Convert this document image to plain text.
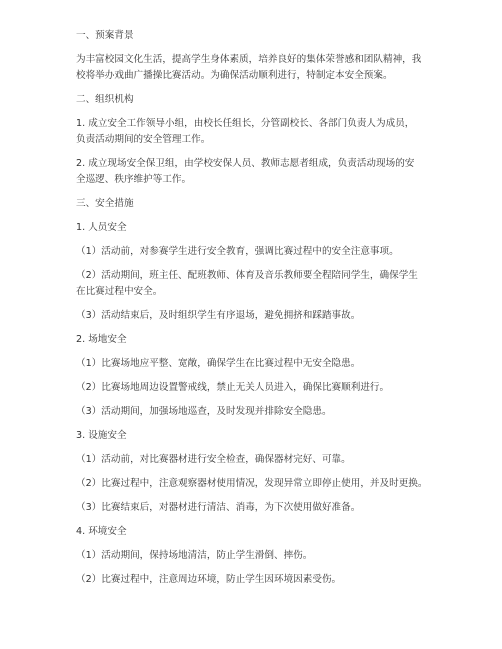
一、预案背景

为丰富校园文化生活，提高学生身体素质，培养良好的集体荣誉感和团队精神，我

校将举办戏曲广播操比赛活动。为确保活动顺利进行，特制定本安全预案。

二、组织机构

1. 成立安全工作领导小组，由校长任组长，分管副校长、各部门负责人为成员，

负责活动期间的安全管理工作。

2. 成立现场安全保卫组，由学校安保人员、教师志愿者组成，负责活动现场的安

全巡逻、秩序维护等工作。

三、安全措施

1. 人员安全

（1）活动前，对参赛学生进行安全教育，强调比赛过程中的安全注意事项。

（2）活动期间，班主任、配班教师、体育及音乐教师要全程陪同学生，确保学生

在比赛过程中安全。

（3）活动结束后，及时组织学生有序退场，避免拥挤和踩踏事故。

2. 场地安全

（1）比赛场地应平整、宽敞，确保学生在比赛过程中无安全隐患。

（2）比赛场地周边设置警戒线，禁止无关人员进入，确保比赛顺利进行。

（3）活动期间，加强场地巡查，及时发现并排除安全隐患。

3. 设施安全

（1）活动前，对比赛器材进行安全检查，确保器材完好、可靠。

（2）比赛过程中，注意观察器材使用情况，发现异常立即停止使用，并及时更换。

（3）比赛结束后，对器材进行清洁、消毒，为下次使用做好准备。

4. 环境安全

（1）活动期间，保持场地清洁，防止学生滑倒、摔伤。

（2）比赛过程中，注意周边环境，防止学生因环境因素受伤。
